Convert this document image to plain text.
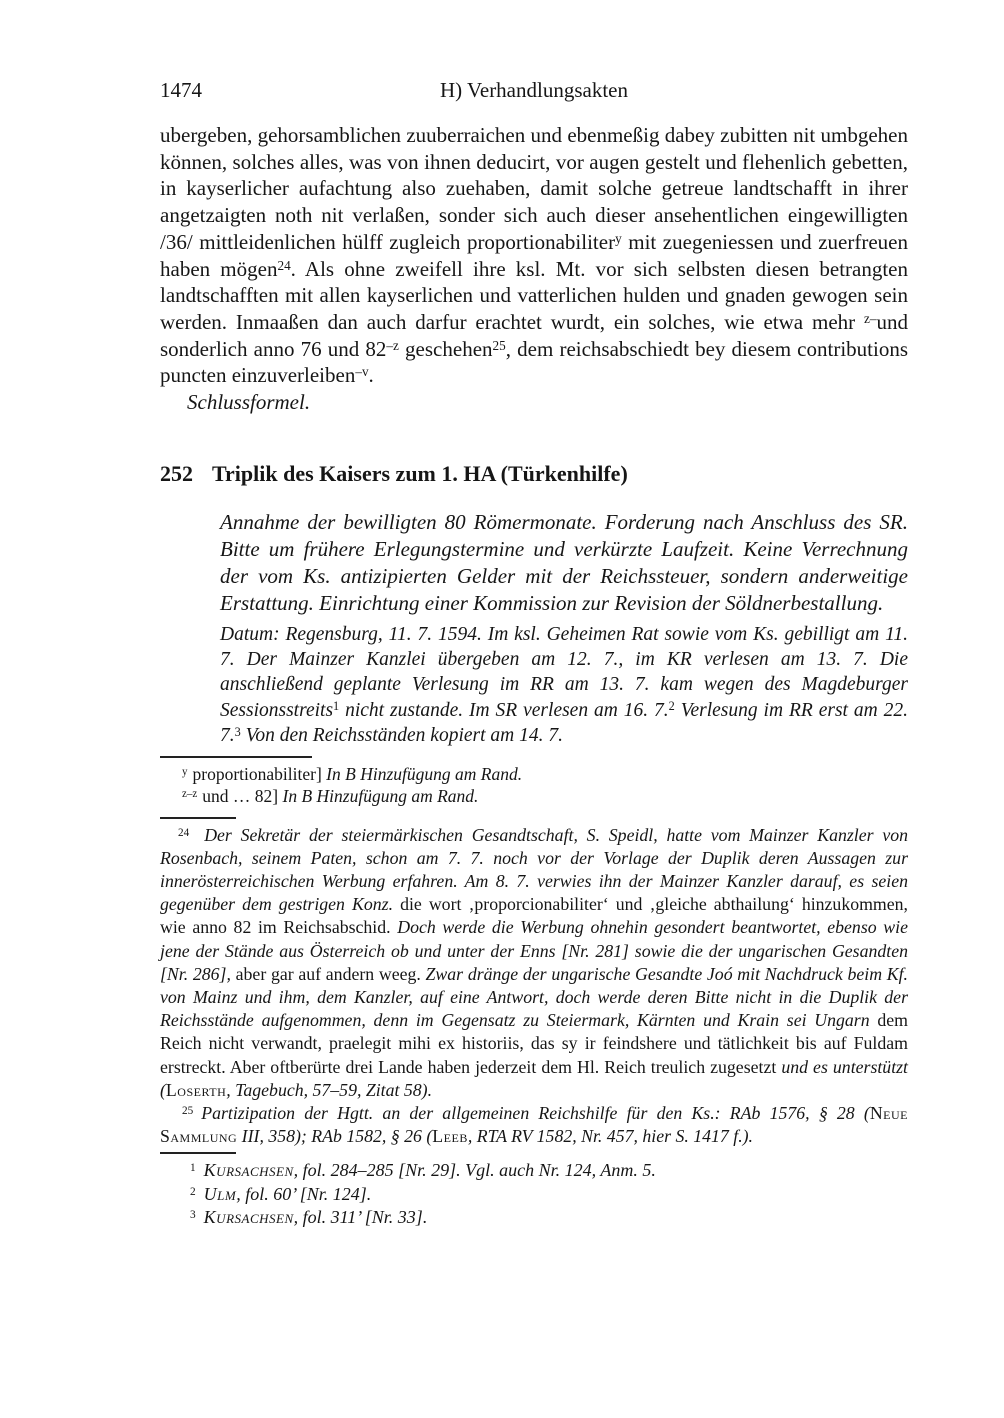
1474	H) Verhandlungsakten

ubergeben, gehorsamblichen zuuberraichen und ebenmeßig dabey zubitten nit umbgehen können, solches alles, was von ihnen deducirt, vor augen gestelt und flehenlich gebetten, in kayserlicher aufachtung also zuehaben, damit solche getreue landtschafft in ihrer angetzaigten noth nit verlaßen, sonder sich auch dieser ansehentlichen eingewilligten /36/ mittleidenlichen hülff zugleich proportionabiliter$^y$ mit zuegeniessen und zuerfreuen haben mögen$^{24}$. Als ohne zweifell ihre ksl. Mt. vor sich selbsten diesen betrangten landtschafften mit allen kayserlichen und vatterlichen hulden und gnaden gewogen sein werden. Inmaaßen dan auch darfur erachtet wurdt, ein solches, wie etwa mehr $^{z-}$und sonderlich anno 76 und $82^{-z}$ geschehen$^{25}$, dem reichsabschiedt bey diesem contributions puncten einzuverleiben$^{-v}$.

Schlussformel.

252 Triplik des Kaisers zum 1. HA (Türkenhilfe)

Annahme der bewilligten 80 Römermonate. Forderung nach Anschluss des SR. Bitte um frühere Erlegungstermine und verkürzte Laufzeit. Keine Verrechnung der vom Ks. antizipierten Gelder mit der Reichssteuer, sondern anderweitige Erstattung. Einrichtung einer Kommission zur Revision der Söldnerbestallung.

Datum: Regensburg, 11. 7. 1594. Im ksl. Geheimen Rat sowie vom Ks. gebilligt am 11. 7. Der Mainzer Kanzlei übergeben am 12. 7., im KR verlesen am 13. 7. Die anschließend geplante Verlesung im RR am 13. 7. kam wegen des Magdeburger Sessionsstreits$^1$ nicht zustande. Im SR verlesen am 16. 7.$^2$ Verlesung im RR erst am 22. 7.$^3$ Von den Reichsständen kopiert am 14. 7.

$^y$ proportionabiliter] In B Hinzufügung am Rand.

$^{z-z}$ und … 82] In B Hinzufügung am Rand.

$^{24}$ Der Sekretär der steiermärkischen Gesandtschaft, S. Speidl, hatte vom Mainzer Kanzler von Rosenbach, seinem Paten, schon am 7. 7. noch vor der Vorlage der Duplik deren Aussagen zur innerösterreichischen Werbung erfahren. Am 8. 7. verwies ihn der Mainzer Kanzler darauf, es seien gegenüber dem gestrigen Konz. die wort ‚proporcionabiliter‘ und ‚gleiche abthailung‘ hinzukommen, wie anno 82 im Reichsabschid. Doch werde die Werbung ohnehin gesondert beantwortet, ebenso wie jene der Stände aus Österreich ob und unter der Enns [Nr. 281] sowie die der ungarischen Gesandten [Nr. 286], aber gar auf andern weeg. Zwar dränge der ungarische Gesandte Joó mit Nachdruck beim Kf. von Mainz und ihm, dem Kanzler, auf eine Antwort, doch werde deren Bitte nicht in die Duplik der Reichsstände aufgenommen, denn im Gegensatz zu Steiermark, Kärnten und Krain sei Ungarn dem Reich nicht verwandt, praelegit mihi ex historiis, das sy ir feindshere und tätlichkeit bis auf Fuldam erstreckt. Aber oftberürte drei Lande haben jederzeit dem Hl. Reich treulich zugesetzt und es unterstützt (Loserth, Tagebuch, 57–59, Zitat 58).

$^{25}$ Partizipation der Hgtt. an der allgemeinen Reichshilfe für den Ks.: RAb 1576, § 28 (Neue Sammlung III, 358); RAb 1582, § 26 (Leeb, RTA RV 1582, Nr. 457, hier S. 1417 f.).

$^1$ Kursachsen, fol. 284–285 [Nr. 29]. Vgl. auch Nr. 124, Anm. 5.

$^2$ Ulm, fol. 60’ [Nr. 124].

$^3$ Kursachsen, fol. 311’ [Nr. 33].
